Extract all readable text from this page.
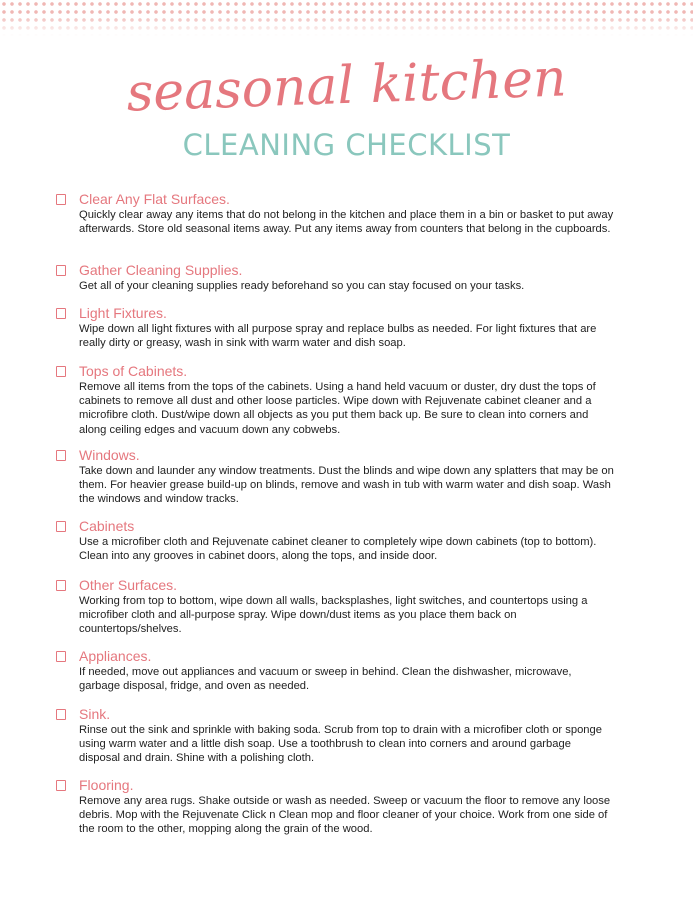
seasonal kitchen
CLEANING CHECKLIST
Clear Any Flat Surfaces.
Quickly clear away any items that do not belong in the kitchen and place them in a bin or basket to put away afterwards. Store old seasonal items away. Put any items away from counters that belong in the cupboards.
Gather Cleaning Supplies.
Get all of your cleaning supplies ready beforehand so you can stay focused on your tasks.
Light Fixtures.
Wipe down all light fixtures with all purpose spray and replace bulbs as needed. For light fixtures that are really dirty or greasy, wash in sink with warm water and dish soap.
Tops of Cabinets.
Remove all items from the tops of the cabinets. Using a hand held vacuum or duster, dry dust the tops of cabinets to remove all dust and other loose particles. Wipe down with Rejuvenate cabinet cleaner and a microfibre cloth. Dust/wipe down all objects as you put them back up. Be sure to clean into corners and along ceiling edges and vacuum down any cobwebs.
Windows.
Take down and launder any window treatments. Dust the blinds and wipe down any splatters that may be on them. For heavier grease build-up on blinds, remove and wash in tub with warm water and dish soap. Wash the windows and window tracks.
Cabinets
Use a microfiber cloth and Rejuvenate cabinet cleaner to completely wipe down cabinets (top to bottom). Clean into any grooves in cabinet doors, along the tops, and inside door.
Other Surfaces.
Working from top to bottom, wipe down all walls, backsplashes, light switches, and countertops using a microfiber cloth and all-purpose spray. Wipe down/dust items as you place them back on countertops/shelves.
Appliances.
If needed, move out appliances and vacuum or sweep in behind. Clean the dishwasher, microwave, garbage disposal, fridge, and oven as needed.
Sink.
Rinse out the sink and sprinkle with baking soda. Scrub from top to drain with a microfiber cloth or sponge using warm water and a little dish soap. Use a toothbrush to clean into corners and around garbage disposal and drain. Shine with a polishing cloth.
Flooring.
Remove any area rugs. Shake outside or wash as needed. Sweep or vacuum the floor to remove any loose debris. Mop with the Rejuvenate Click n Clean mop and floor cleaner of your choice. Work from one side of the room to the other, mopping along the grain of the wood.
